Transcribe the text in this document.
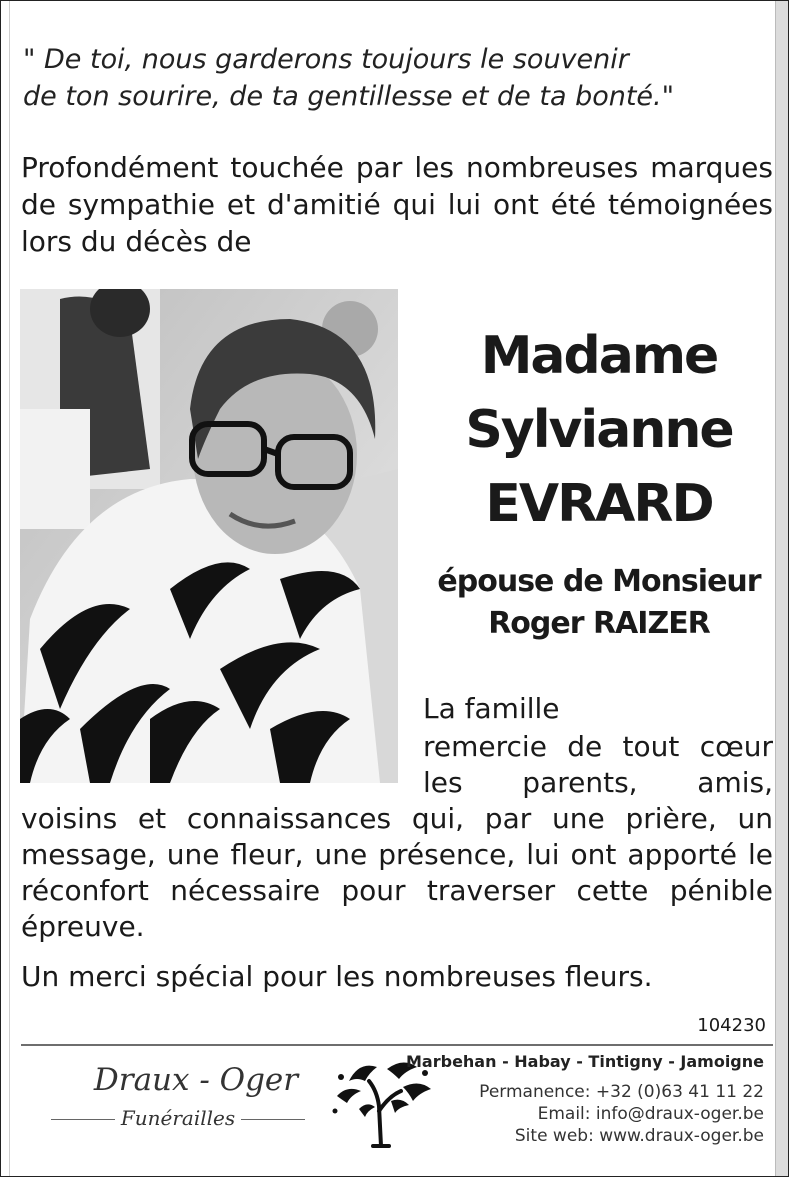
" De toi, nous garderons toujours le souvenir
de ton sourire, de ta gentillesse et de ta bonté."

Profondément touchée par les nombreuses marques de sympathie et d'amitié qui lui ont été témoignées lors du décès de

Madame
Sylvianne
EVRARD

épouse de Monsieur
Roger RAIZER

La famille

remercie de tout cœur

les parents, amis,

voisins et connaissances qui, par une prière, un message, une fleur, une présence, lui ont apporté le réconfort nécessaire pour traverser cette pénible épreuve.

Un merci spécial pour les nombreuses fleurs.

104230

Draux - Oger
Funérailles
Marbehan - Habay - Tintigny - Jamoigne
Permanence: +32 (0)63 41 11 22
Email: info@draux-oger.be
Site web: www.draux-oger.be
